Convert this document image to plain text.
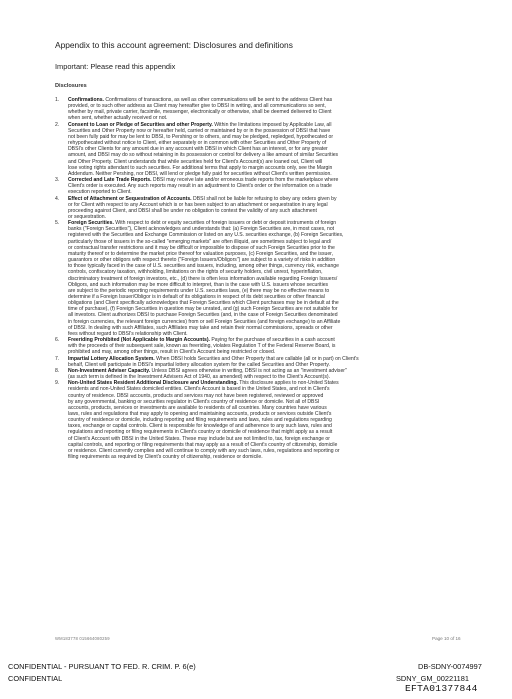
Appendix to this account agreement: Disclosures and definitions
Important: Please read this appendix
Disclosures
1. Confirmations. Confirmations of transactions, as well as other communications will be sent to the address Client has
provided, or to such other address as Client may hereafter give to DBSI in writing, and all communications so sent,
whether by mail, private carrier, facsimile, messenger, electronically or otherwise, shall be deemed delivered to Client
when sent, whether actually received or not.
2. Consent to Loan or Pledge of Securities and other Property. Within the limitations imposed by Applicable Law, all
Securities and Other Property now or hereafter held, carried or maintained by or in the possession of DBSI that have
not been fully paid for may be lent to DBSI, to Pershing or to others, and may be pledged, repledged, hypothecated or
rehypothecated without notice to Client, either separately or in common with other Securities and Other Property of
DBSI's other Clients for any amount due in any account with DBSI in which Client has an interest, or for any greater
amount, and DBSI may do so without retaining in its possession or control for delivery a like amount of similar Securities
and Other Property. Client understands that while securities held for Client's Account(s) are loaned out, Client will
lose voting rights attendant to such securities. For additional terms that apply to margin accounts only, see the Margin
Addendum. Neither Pershing, nor DBSI, will lend or pledge fully paid for securities without Client's written permission.
3. Corrected and Late Trade Reports. DBSI may receive late and/or erroneous trade reports from the marketplace where
Client's order is executed. Any such reports may result in an adjustment to Client's order or the information on a trade
execution reported to Client.
4. Effect of Attachment or Sequestration of Accounts. DBSI shall not be liable for refusing to obey any orders given by
or for Client with respect to any Account which is or has been subject to an attachment or sequestration in any legal
proceeding against Client, and DBSI shall be under no obligation to contest the validity of any such attachment
or sequestration.
5. Foreign Securities. With respect to debt or equity securities of foreign issuers or debt or deposit instruments of foreign
banks ("Foreign Securities"), Client acknowledges and understands that: (a) Foreign Securities are, in most cases, not
registered with the Securities and Exchange Commission or listed on any U.S. securities exchange, (b) Foreign Securities,
particularly those of issuers in the so-called "emerging markets" are often illiquid, are sometimes subject to legal and/
or contractual transfer restrictions and it may be difficult or impossible to dispose of such Foreign Securities prior to the
maturity thereof or to determine the market price thereof for valuation purposes, (c) Foreign Securities, and the issuer,
guarantors or other obligors with respect thereto ("Foreign Issuers/Obligors") are subject to a variety of risks in addition
to those typically faced in the case of U.S. securities and issuers, including, among other things, currency risk, exchange
controls, confiscatory taxation, withholding, limitations on the rights of security holders, civil unrest, hyperinflation,
discriminatory treatment of foreign investors, etc., (d) there is often less information available regarding Foreign Issuers/
Obligors, and such information may be more difficult to interpret, than is the case with U.S. issuers whose securities
are subject to the periodic reporting requirements under U.S. securities laws, (e) there may be no effective means to
determine if a Foreign Issuer/Obligor is in default of its obligations in respect of its debt securities or other financial
obligations (and Client specifically acknowledges that Foreign Securities which Client purchases may be in default at the
time of purchase), (f) Foreign Securities in question may be unrated, and (g) such Foreign Securities are not suitable for
all investors. Client authorizes DBSI to purchase Foreign Securities (and, in the case of Foreign Securities denominated
in foreign currencies, the relevant foreign currencies) from or sell Foreign Securities (and foreign exchange) to an Affiliate
of DBSI. In dealing with such Affiliates, such Affiliates may take and retain their normal commissions, spreads or other
fees without regard to DBSI's relationship with Client.
6. Freeriding Prohibited (Not Applicable to Margin Accounts). Paying for the purchase of securities in a cash account
with the proceeds of their subsequent sale, known as freeriding, violates Regulation T of the Federal Reserve Board, is
prohibited and may, among other things, result in Client's Account being restricted or closed.
7. Impartial Lottery Allocation System. When DBSI holds Securities and Other Property that are callable (all or in part) on Client's
behalf, Client will participate in DBSI's impartial lottery allocation system for the called Securities and Other Property.
8. Non-Investment Adviser Capacity. Unless DBSI agrees otherwise in writing, DBSI is not acting as an "investment adviser"
(as such term is defined in the Investment Advisers Act of 1940, as amended) with respect to the Client's Account(s).
9. Non-United States Resident Additional Disclosure and Understanding. This disclosure applies to non-United States
residents and non-United States domiciled entities. Client's Account is based in the United States, and not in Client's
country of residence. DBSI accounts, products and services may not have been registered, reviewed or approved
by any governmental, banking or securities regulator in Client's country of residence or domicile. Not all of DBSI
accounts, products, services or investments are available to residents of all countries. Many countries have various
laws, rules and regulations that may apply to opening and maintaining accounts, products or services outside Client's
country of residence or domicile, including reporting and filing requirements and laws, rules and regulations regarding
taxes, exchange or capital controls. Client is responsible for knowledge of and adherence to any such laws, rules and
regulations and reporting or filing requirements in Client's country or domicile of residence that might apply as a result
of Client's Account with DBSI in the United States. These may include but are not limited to, tax, foreign exchange or
capital controls, and reporting or filing requirements that may apply as a result of Client's country of citizenship, domicile
or residence. Client currently complies and will continue to comply with any such laws, rules, regulations and reporting or
filing requirements as required by Client's country of citizenship, residence or domicile.
WM183778 015664080259	Page 10 of 16
CONFIDENTIAL - PURSUANT TO FED. R. CRIM. P. 6(e)
CONFIDENTIAL
DB-SDNY-0074997
SDNY_GM_00221181
EFTA01377844
